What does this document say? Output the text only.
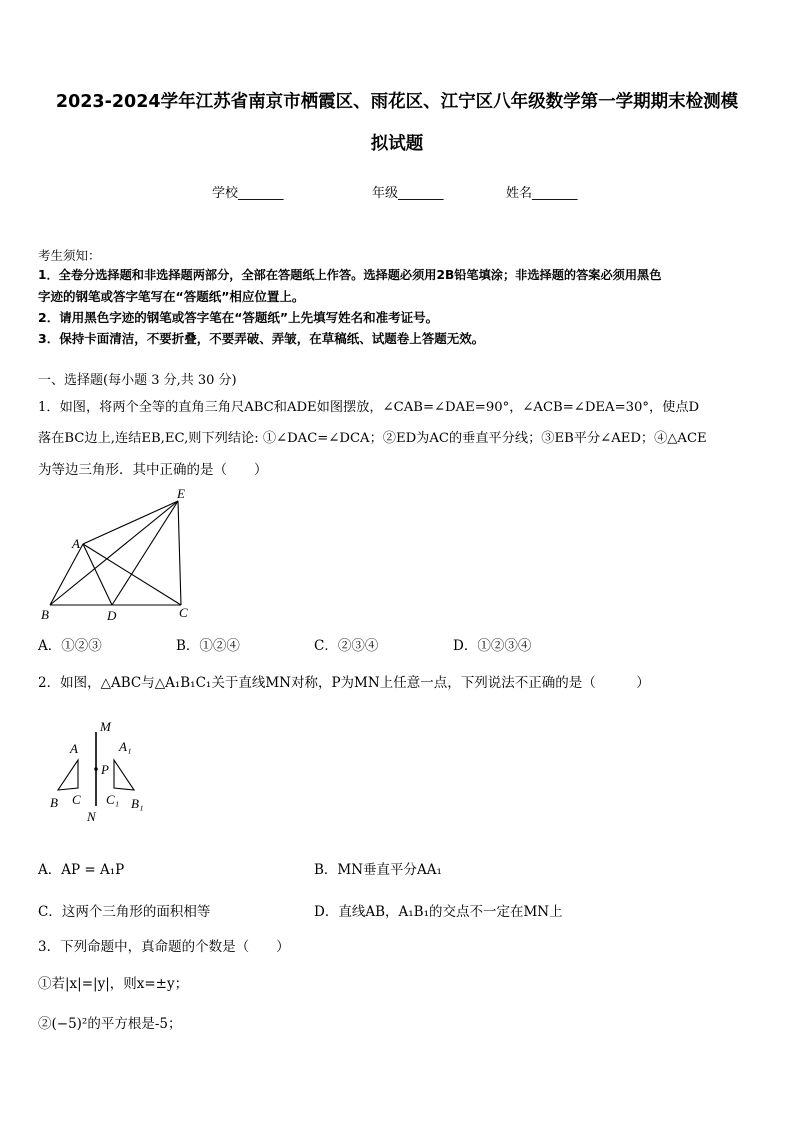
2023-2024学年江苏省南京市栖霞区、雨花区、江宁区八年级数学第一学期期末检测模
拟试题
学校_______	年级_______	姓名_______
考生须知：
1．全卷分选择题和非选择题两部分，全部在答题纸上作答。选择题必须用2B铅笔填涂；非选择题的答案必须用黑色
字迹的钢笔或答字笔写在“答题纸”相应位置上。
2．请用黑色字迹的钢笔或答字笔在“答题纸”上先填写姓名和准考证号。
3．保持卡面清洁，不要折叠，不要弄破、弄皱，在草稿纸、试题卷上答题无效。
一、选择题(每小题 3 分,共 30 分)
1．如图，将两个全等的直角三角尺ABC和ADE如图摆放，∠CAB=∠DAE=90°，∠ACB=∠DEA=30°，使点D
落在BC边上,连结EB,EC,则下列结论: ①∠DAC=∠DCA；②ED为AC的垂直平分线；③EB平分∠AED；④△ACE
为等边三角形．其中正确的是（　　）
E
A
B	D	C
A．①②③	B．①②④	C．②③④	D．①②③④
2．如图，△ABC与△A₁B₁C₁关于直线MN对称，P为MN上任意一点，下列说法不正确的是（　　　）
M
N
P
A
B C
A₁
C₁ B₁
A．AP = A₁P	B．MN垂直平分AA₁
C．这两个三角形的面积相等	D．直线AB，A₁B₁的交点不一定在MN上
3．下列命题中，真命题的个数是（　　）
①若|x|=|y|，则x=±y；
②(−5)²的平方根是-5；
